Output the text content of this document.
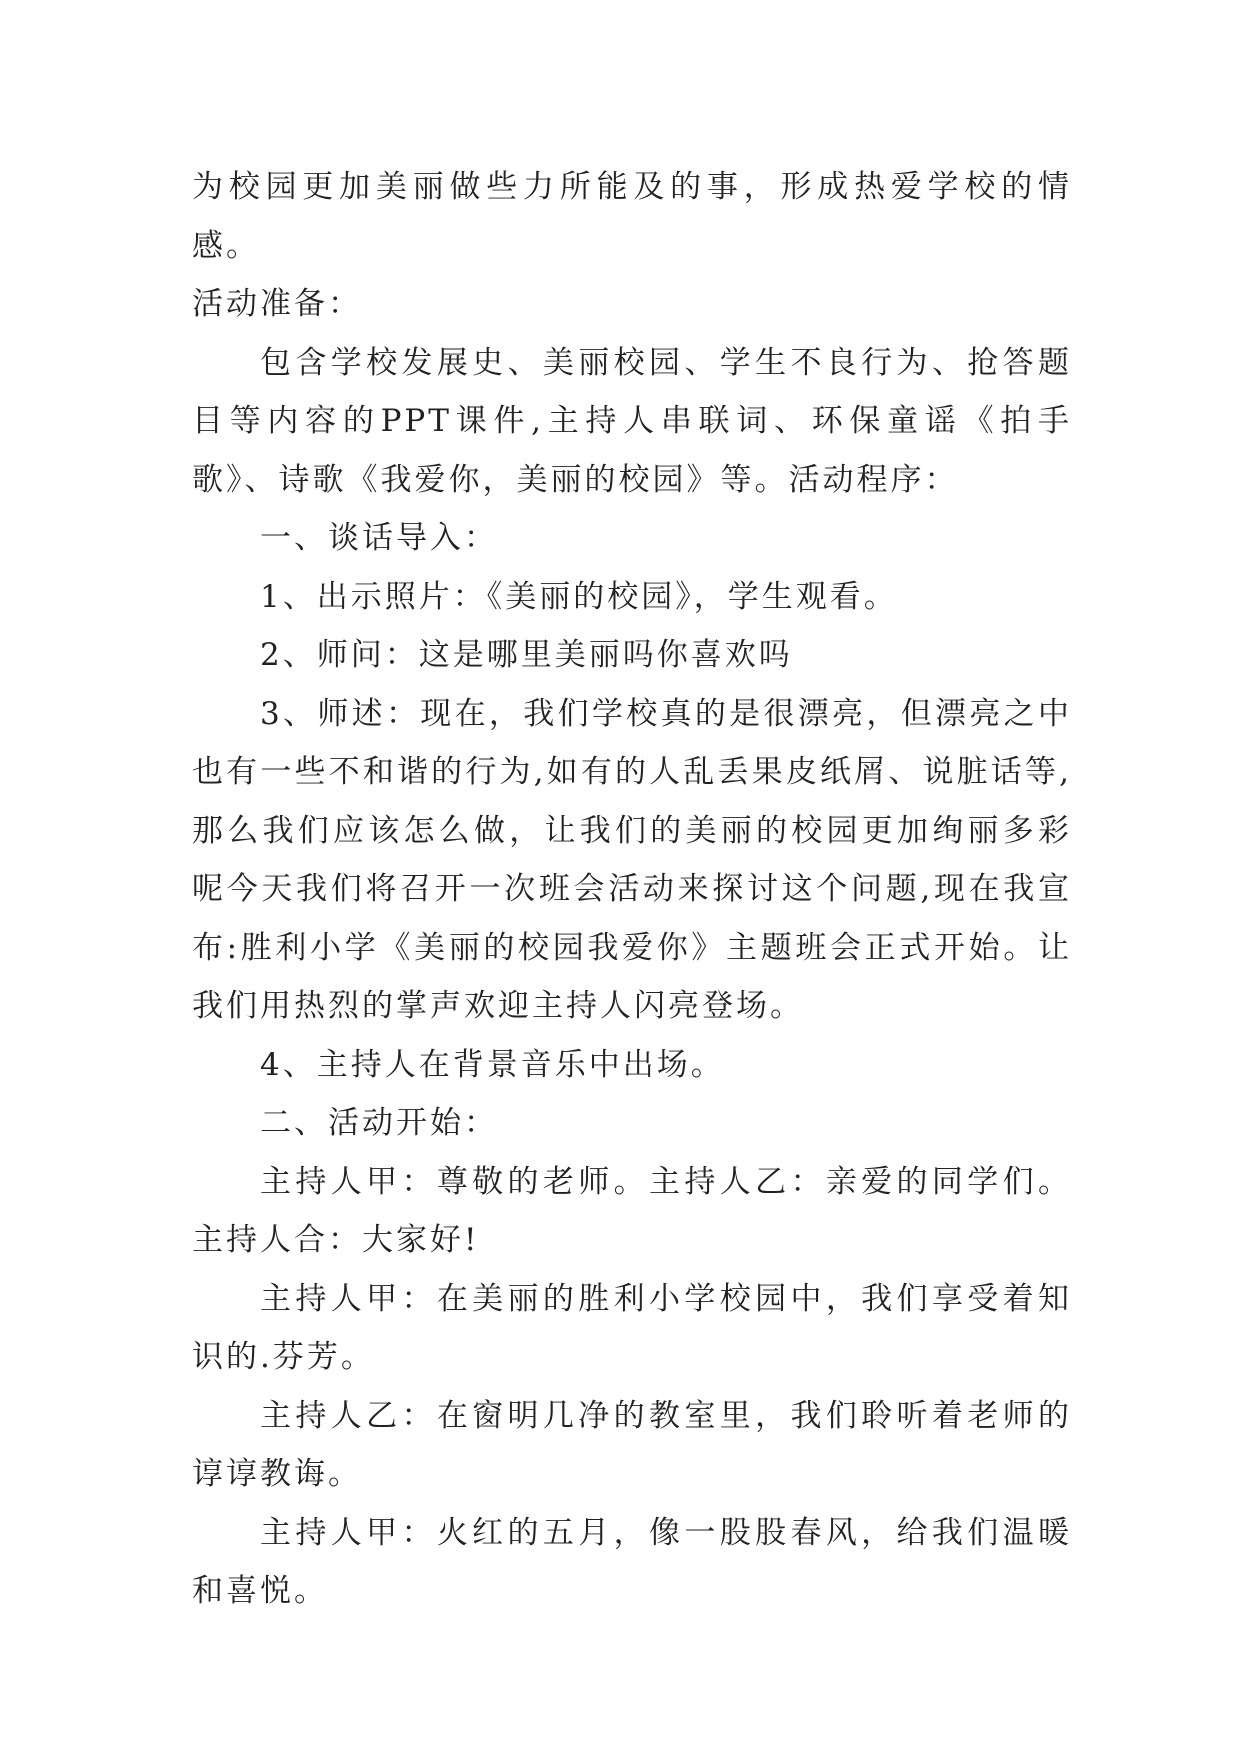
为校园更加美丽做些力所能及的事，形成热爱学校的情感。

活动准备：

包含学校发展史、美丽校园、学生不良行为、抢答题目等内容的PPT课件,主持人串联词、环保童谣《拍手歌》、诗歌《我爱你，美丽的校园》等。活动程序：

一、谈话导入：

1、出示照片：《美丽的校园》，学生观看。

2、师问：这是哪里美丽吗你喜欢吗

3、师述：现在，我们学校真的是很漂亮，但漂亮之中也有一些不和谐的行为,如有的人乱丢果皮纸屑、说脏话等,那么我们应该怎么做，让我们的美丽的校园更加绚丽多彩呢今天我们将召开一次班会活动来探讨这个问题,现在我宣布:胜利小学《美丽的校园我爱你》主题班会正式开始。让我们用热烈的掌声欢迎主持人闪亮登场。

4、主持人在背景音乐中出场。

二、活动开始：

主持人甲：尊敬的老师。主持人乙：亲爱的同学们。主持人合：大家好!

主持人甲：在美丽的胜利小学校园中，我们享受着知识的.芬芳。

主持人乙：在窗明几净的教室里，我们聆听着老师的谆谆教诲。

主持人甲：火红的五月，像一股股春风，给我们温暖和喜悦。
